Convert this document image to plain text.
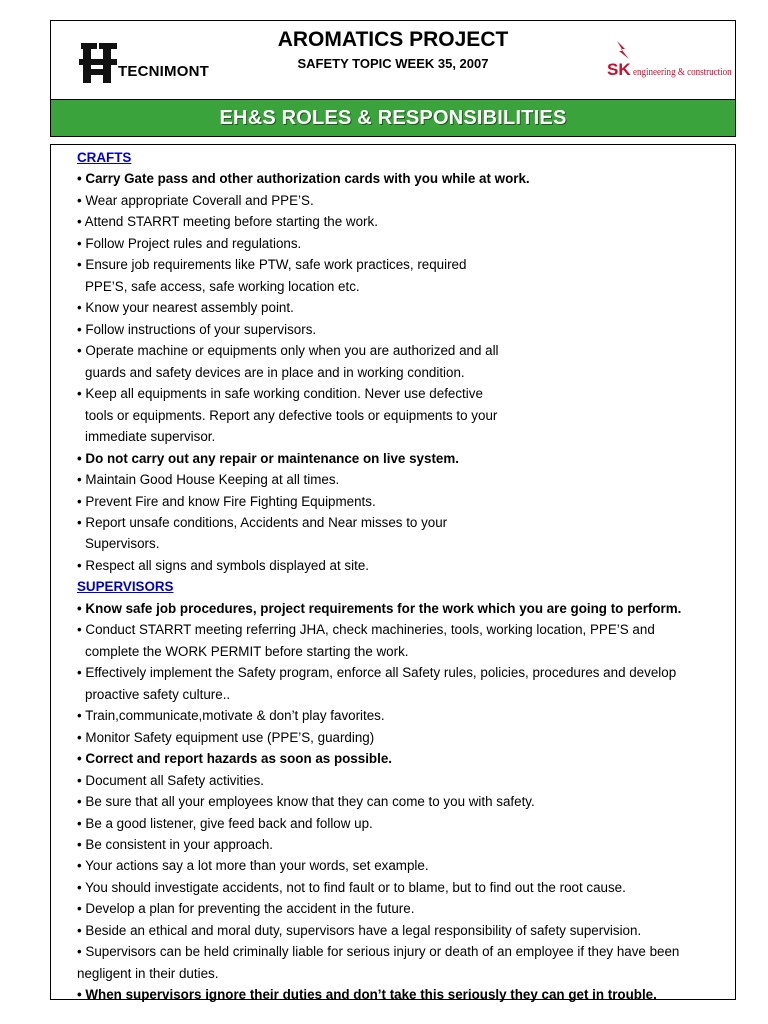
TECNIMONT
AROMATICS PROJECT
SAFETY TOPIC WEEK 35, 2007	SK engineering & construction
EH&S ROLES & RESPONSIBILITIES
CRAFTS
• Carry Gate pass and other authorization cards with you while at work.
• Wear appropriate Coverall and PPE’S.
• Attend STARRT meeting before starting the work.
• Follow Project rules and regulations.
• Ensure job requirements like PTW, safe work practices, required
PPE’S, safe access, safe working location etc.
• Know your nearest assembly point.
• Follow instructions of your supervisors.
• Operate machine or equipments only when you are authorized and all
guards and safety devices are in place and in working condition.
• Keep all equipments in safe working condition. Never use defective
tools or equipments. Report any defective tools or equipments to your
immediate supervisor.
• Do not carry out any repair or maintenance on live system.
• Maintain Good House Keeping at all times.
• Prevent Fire and know Fire Fighting Equipments.
• Report unsafe conditions, Accidents and Near misses to your
Supervisors.
• Respect all signs and symbols displayed at site.
SUPERVISORS
• Know safe job procedures, project requirements for the work which you are going to perform.
• Conduct STARRT meeting referring JHA, check machineries, tools, working location, PPE’S and
complete the WORK PERMIT before starting the work.
• Effectively implement the Safety program, enforce all Safety rules, policies, procedures and develop
proactive safety culture..
• Train,communicate,motivate & don’t play favorites.
• Monitor Safety equipment use (PPE’S, guarding)
• Correct and report hazards as soon as possible.
• Document all Safety activities.
• Be sure that all your employees know that they can come to you with safety.
• Be a good listener, give feed back and follow up.
• Be consistent in your approach.
• Your actions say a lot more than your words, set example.
• You should investigate accidents, not to find fault or to blame, but to find out the root cause.
• Develop a plan for preventing the accident in the future.
• Beside an ethical and moral duty, supervisors have a legal responsibility of safety supervision.
• Supervisors can be held criminally liable for serious injury or death of an employee if they have been
negligent in their duties.
• When supervisors ignore their duties and don’t take this seriously they can get in trouble.
